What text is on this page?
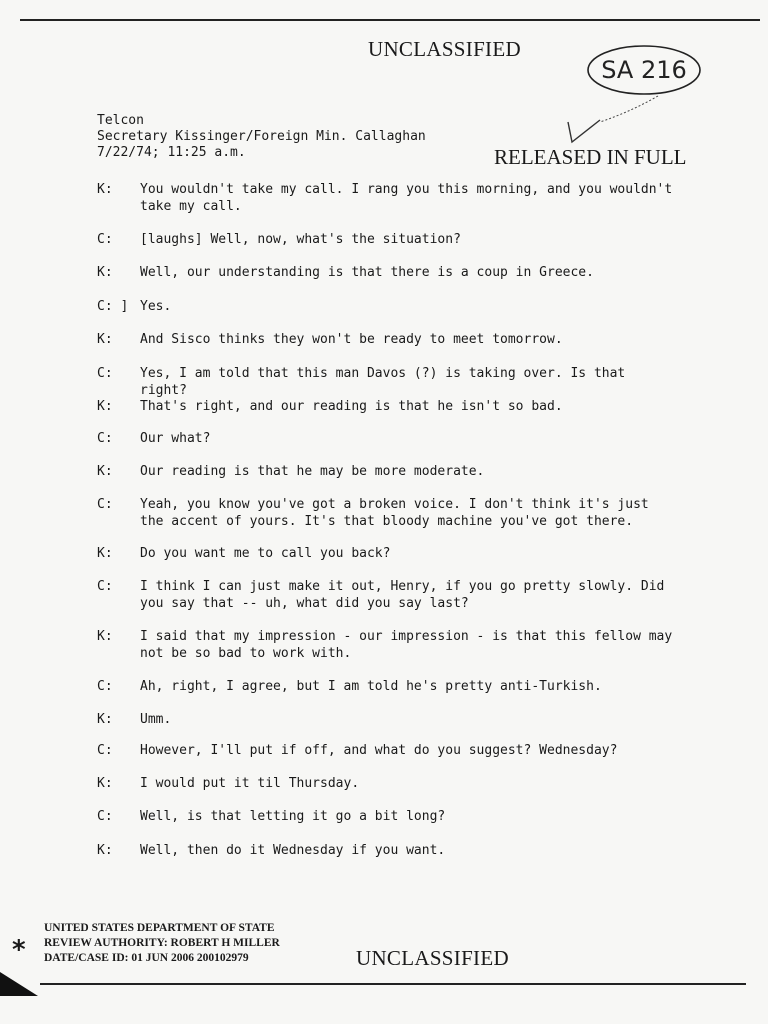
UNCLASSIFIED
SA 216
Telcon
Secretary Kissinger/Foreign Min. Callaghan
7/22/74; 11:25 a.m.	RELEASED IN FULL
K: You wouldn't take my call. I rang you this morning, and you wouldn't take my call.
C: [laughs] Well, now, what's the situation?
K: Well, our understanding is that there is a coup in Greece.
C: ] Yes.
K: And Sisco thinks they won't be ready to meet tomorrow.
C: Yes, I am told that this man Davos (?) is taking over. Is that right?
K: That's right, and our reading is that he isn't so bad.
C: Our what?
K: Our reading is that he may be more moderate.
C: Yeah, you know you've got a broken voice. I don't think it's just the accent of yours. It's that bloody machine you've got there.
K: Do you want me to call you back?
C: I think I can just make it out, Henry, if you go pretty slowly. Did you say that -- uh, what did you say last?
K: I said that my impression - our impression - is that this fellow may not be so bad to work with.
C: Ah, right, I agree, but I am told he's pretty anti-Turkish.
K: Umm.
C: However, I'll put if off, and what do you suggest? Wednesday?
K: I would put it til Thursday.
C: Well, is that letting it go a bit long?
K: Well, then do it Wednesday if you want.
*
UNITED STATES DEPARTMENT OF STATE
REVIEW AUTHORITY: ROBERT H MILLER
DATE/CASE ID: 01 JUN 2006 200102979	UNCLASSIFIED
